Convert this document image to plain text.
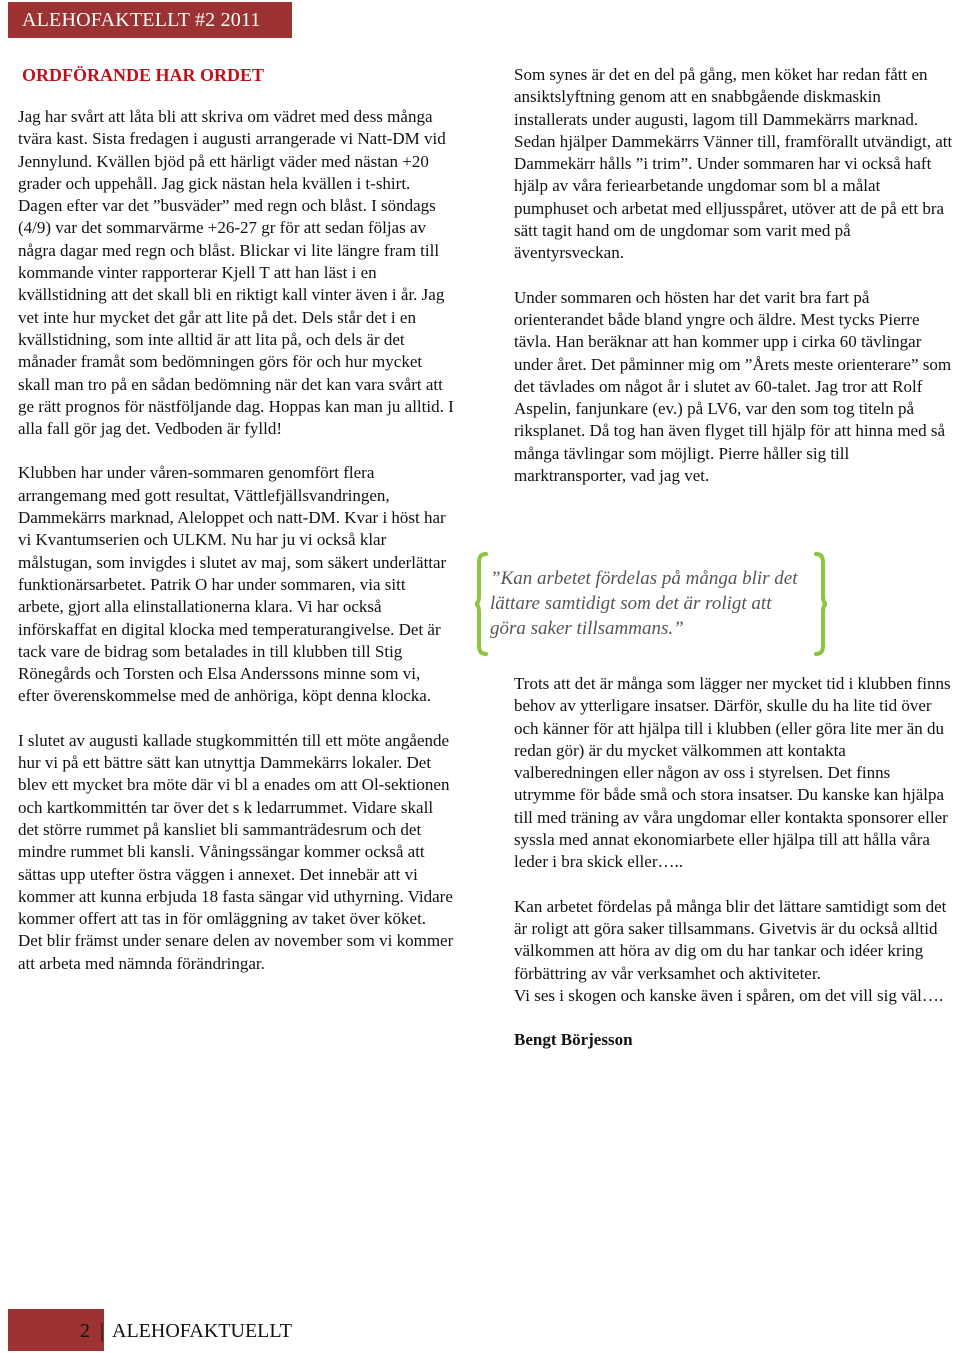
ALEHOFAKTELLT #2 2011
ORDFÖRANDE HAR ORDET

Jag har svårt att låta bli att skriva om vädret med dess många tvära kast. Sista fredagen i augusti arrangerade vi Natt-DM vid Jennylund. Kvällen bjöd på ett härligt väder med nästan +20 grader och uppehåll. Jag gick nästan hela kvällen i t-shirt. Dagen efter var det ”busväder” med regn och blåst. I söndags (4/9) var det sommarvärme +26-27 gr för att sedan följas av några dagar med regn och blåst. Blickar vi lite längre fram till kommande vinter rapporterar Kjell T att han läst i en kvällstidning att det skall bli en riktigt kall vinter även i år. Jag vet inte hur mycket det går att lite på det. Dels står det i en kvällstidning, som inte alltid är att lita på, och dels är det månader framåt som bedömningen görs för och hur mycket skall man tro på en sådan bedömning när det kan vara svårt att ge rätt prognos för nästföljande dag. Hoppas kan man ju alltid. I alla fall gör jag det. Vedboden är fylld!

Klubben har under våren-sommaren genomfört flera arrangemang med gott resultat, Vättlefjällsvandringen, Dammekärrs marknad, Aleloppet och natt-DM. Kvar i höst har vi Kvantumserien och ULKM. Nu har ju vi också klar målstugan, som invigdes i slutet av maj, som säkert underlättar funktionärsarbetet. Patrik O har under sommaren, via sitt arbete, gjort alla elinstallationerna klara. Vi har också införskaffat en digital klocka med temperaturangivelse. Det är tack vare de bidrag som betalades in till klubben till Stig Rönegårds och Torsten och Elsa Anderssons minne som vi, efter överenskommelse med de anhöriga, köpt denna klocka.

I slutet av augusti kallade stugkommittén till ett möte angående hur vi på ett bättre sätt kan utnyttja Dammekärrs lokaler. Det blev ett mycket bra möte där vi bl a enades om att Ol-sektionen och kartkommittén tar över det s k ledarrummet. Vidare skall det större rummet på kansliet bli sammanträdesrum och det mindre rummet bli kansli. Våningssängar kommer också att sättas upp utefter östra väggen i annexet. Det innebär att vi kommer att kunna erbjuda 18 fasta sängar vid uthyrning. Vidare kommer offert att tas in för omläggning av taket över köket. Det blir främst under senare delen av november som vi kommer att arbeta med nämnda förändringar.

Som synes är det en del på gång, men köket har redan fått en ansiktslyftning genom att en snabbgående diskmaskin installerats under augusti, lagom till Dammekärrs marknad. Sedan hjälper Dammekärrs Vänner till, framförallt utvändigt, att Dammekärr hålls ”i trim”. Under sommaren har vi också haft hjälp av våra feriearbetande ungdomar som bl a målat pumphuset och arbetat med elljusspåret, utöver att de på ett bra sätt tagit hand om de ungdomar som varit med på äventyrsveckan.

Under sommaren och hösten har det varit bra fart på orienterandet både bland yngre och äldre. Mest tycks Pierre tävla. Han beräknar att han kommer upp i cirka 60 tävlingar under året. Det påminner mig om ”Årets meste orienterare” som det tävlades om något år i slutet av 60-talet. Jag tror att Rolf Aspelin, fanjunkare (ev.) på LV6, var den som tog titeln på riksplanet. Då tog han även flyget till hjälp för att hinna med så många tävlingar som möjligt. Pierre håller sig till marktransporter, vad jag vet.

”Kan arbetet fördelas på många blir det lättare samtidigt som det är roligt att göra saker tillsammans.”

Trots att det är många som lägger ner mycket tid i klubben finns behov av ytterligare insatser. Därför, skulle du ha lite tid över och känner för att hjälpa till i klubben (eller göra lite mer än du redan gör) är du mycket välkommen att kontakta valberedningen eller någon av oss i styrelsen. Det finns utrymme för både små och stora insatser. Du kanske kan hjälpa till med träning av våra ungdomar eller kontakta sponsorer eller syssla med annat ekonomiarbete eller hjälpa till att hålla våra leder i bra skick eller…..

Kan arbetet fördelas på många blir det lättare samtidigt som det är roligt att göra saker tillsammans. Givetvis är du också alltid välkommen att höra av dig om du har tankar och idéer kring förbättring av vår verksamhet och aktiviteter.

Vi ses i skogen och kanske även i spåren, om det vill sig väl….

Bengt Börjesson

2 | ALEHOFAKTUELLT
